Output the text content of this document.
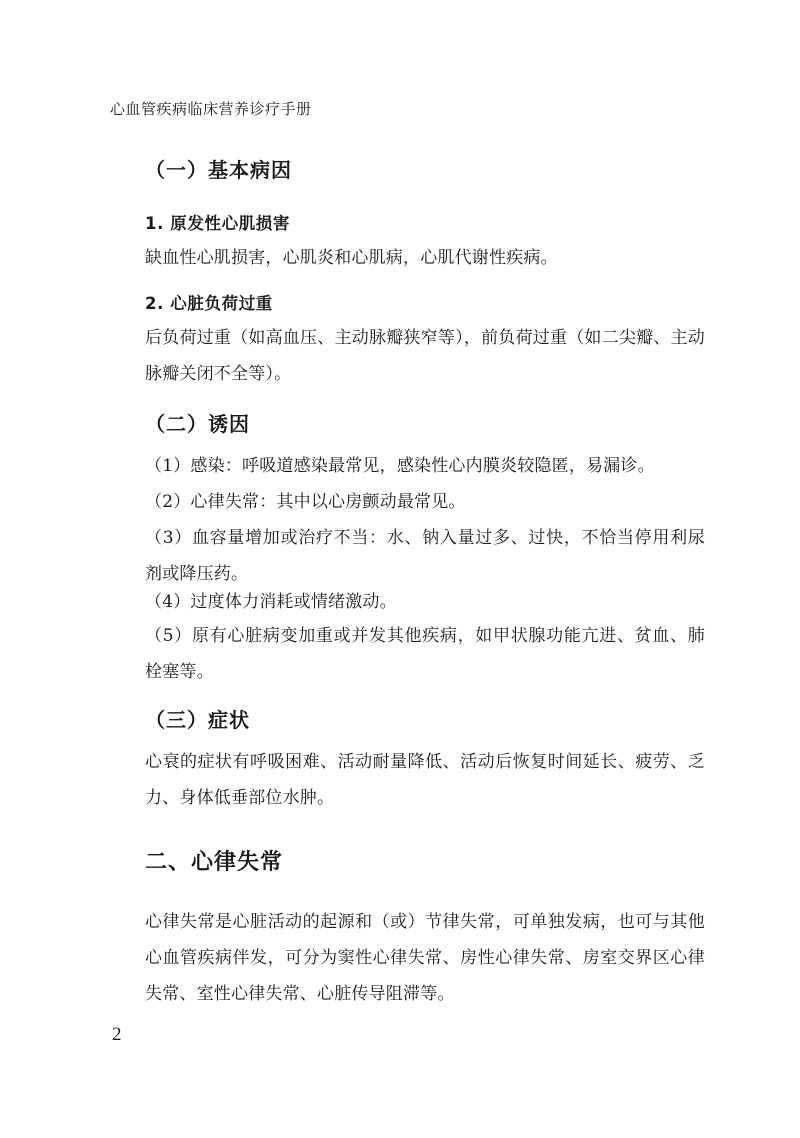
心血管疾病临床营养诊疗手册
（一）基本病因
1. 原发性心肌损害
缺血性心肌损害，心肌炎和心肌病，心肌代谢性疾病。
2. 心脏负荷过重
后负荷过重（如高血压、主动脉瓣狭窄等），前负荷过重（如二尖瓣、主动脉瓣关闭不全等）。
（二）诱因
（1）感染：呼吸道感染最常见，感染性心内膜炎较隐匿，易漏诊。
（2）心律失常：其中以心房颤动最常见。
（3）血容量增加或治疗不当：水、钠入量过多、过快，不恰当停用利尿剂或降压药。
（4）过度体力消耗或情绪激动。
（5）原有心脏病变加重或并发其他疾病，如甲状腺功能亢进、贫血、肺栓塞等。
（三）症状
心衰的症状有呼吸困难、活动耐量降低、活动后恢复时间延长、疲劳、乏力、身体低垂部位水肿。
二、心律失常
心律失常是心脏活动的起源和（或）节律失常，可单独发病，也可与其他心血管疾病伴发，可分为窦性心律失常、房性心律失常、房室交界区心律失常、室性心律失常、心脏传导阻滞等。
2
